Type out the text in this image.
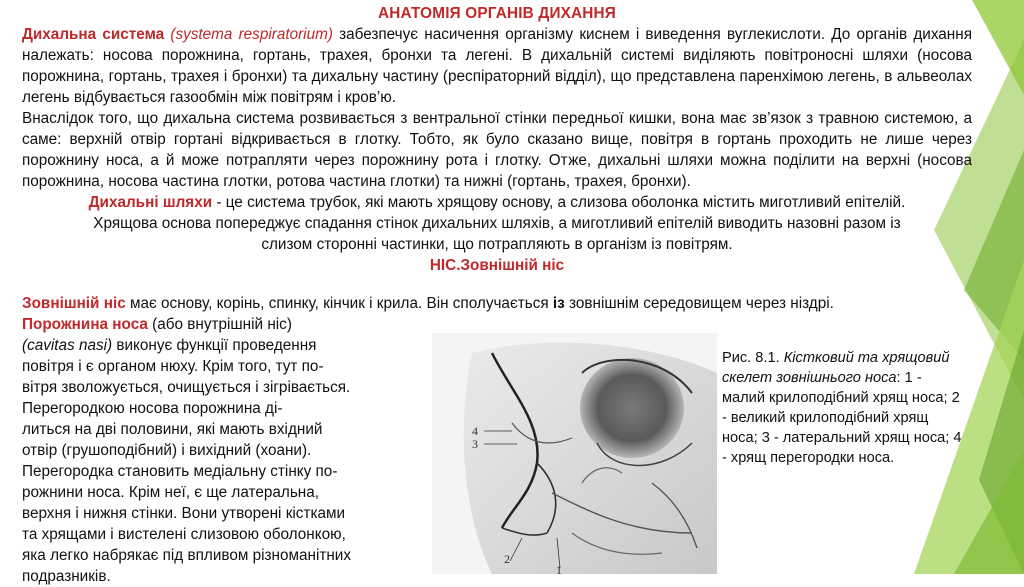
АНАТОМІЯ ОРГАНІВ ДИХАННЯ

Дихальна система (systema respiratorium) забезпечує насичення організму киснем і виведення вуглекислоти. До органів дихання належать: носова порожнина, гортань, трахея, бронхи та легені. В дихальній системі виділяють повітроносні шляхи (носова порожнина, гортань, трахея і бронхи) та дихальну частину (респіраторний відділ), що представлена паренхімою легень, в альвеолах легень відбувається газообмін між повітрям і кров’ю.

Внаслідок того, що дихальна система розвивається з вентральної стінки передньої кишки, вона має зв’язок з травною системою, а саме: верхній отвір гортані відкривається в глотку. Тобто, як було сказано вище, повітря в гортань проходить не лише через порожнину носа, а й може потрапляти через порожнину рота і глотку. Отже, дихальні шляхи можна поділити на верхні (носова порожнина, носова частина глотки, ротова частина глотки) та нижні (гортань, трахея, бронхи).

Дихальні шляхи - це система трубок, які мають хрящову основу, а слизова оболонка містить миготливий епітелій.

Хрящова основа попереджує спадання стінок дихальних шляхів, а миготливий епітелій виводить назовні разом із

слизом сторонні частинки, що потрапляють в організм із повітрям.

НІС.Зовнішній ніс

Зовнішній ніс має основу, корінь, спинку, кінчик і крила. Він сполучається із зовнішнім середовищем через ніздрі.
Порожнина носа (або внутрішній ніс)
(cavitas nasi) виконує функції проведення
повітря і є органом нюху. Крім того, тут по-
вітря зволожується, очищується і зігрівається.
Перегородкою носова порожнина ді-
литься на дві половини, які мають вхідний
отвір (грушоподібний) і вихідний (хоани).
Перегородка становить медіальну стінку по-
рожнини носа. Крім неї, є ще латеральна,
верхня і нижня стінки. Вони утворені кістками
та хрящами і вистелені слизовою оболонкою,
яка легко набрякає під впливом різноманітних
подразників.
4
3
2
1
Рис. 8.1. Кістковий та хрящовий скелет зовнішнього носа: 1 - малий крилоподібний хрящ носа; 2 - великий крилоподібний хрящ носа; 3 - латеральний хрящ носа; 4 - хрящ перегородки носа.
